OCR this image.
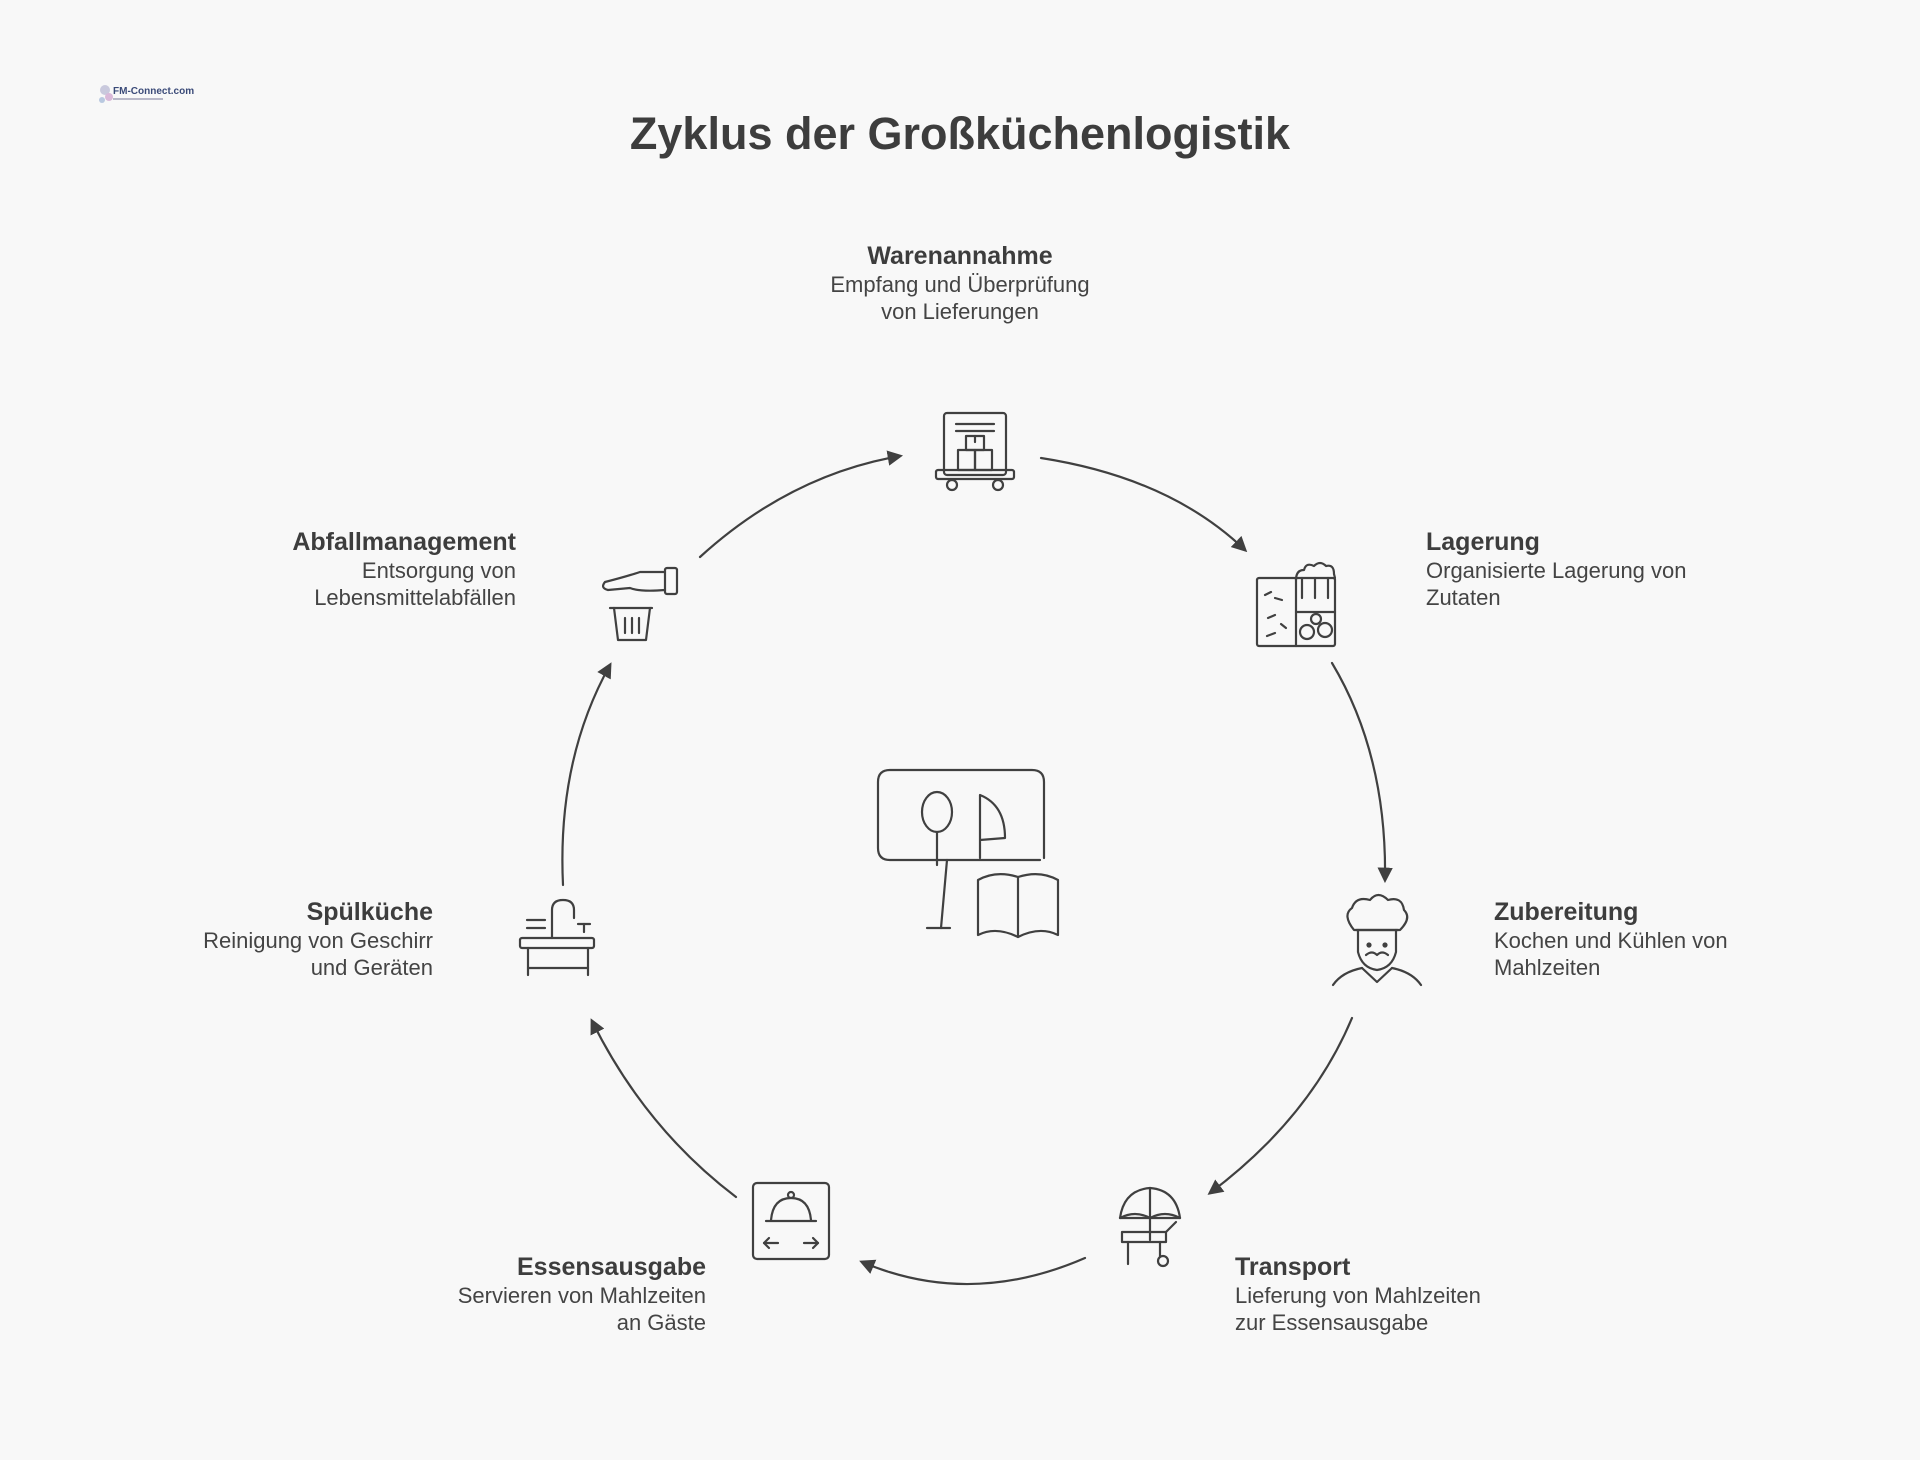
FM-Connect.com
Zyklus der Großküchenlogistik
Warenannahme
Empfang und Überprüfung
von Lieferungen
Lagerung
Organisierte Lagerung von
Zutaten
Zubereitung
Kochen und Kühlen von
Mahlzeiten
Transport
Lieferung von Mahlzeiten
zur Essensausgabe
Essensausgabe
Servieren von Mahlzeiten
an Gäste
Spülküche
Reinigung von Geschirr
und Geräten
Abfallmanagement
Entsorgung von
Lebensmittelabfällen
